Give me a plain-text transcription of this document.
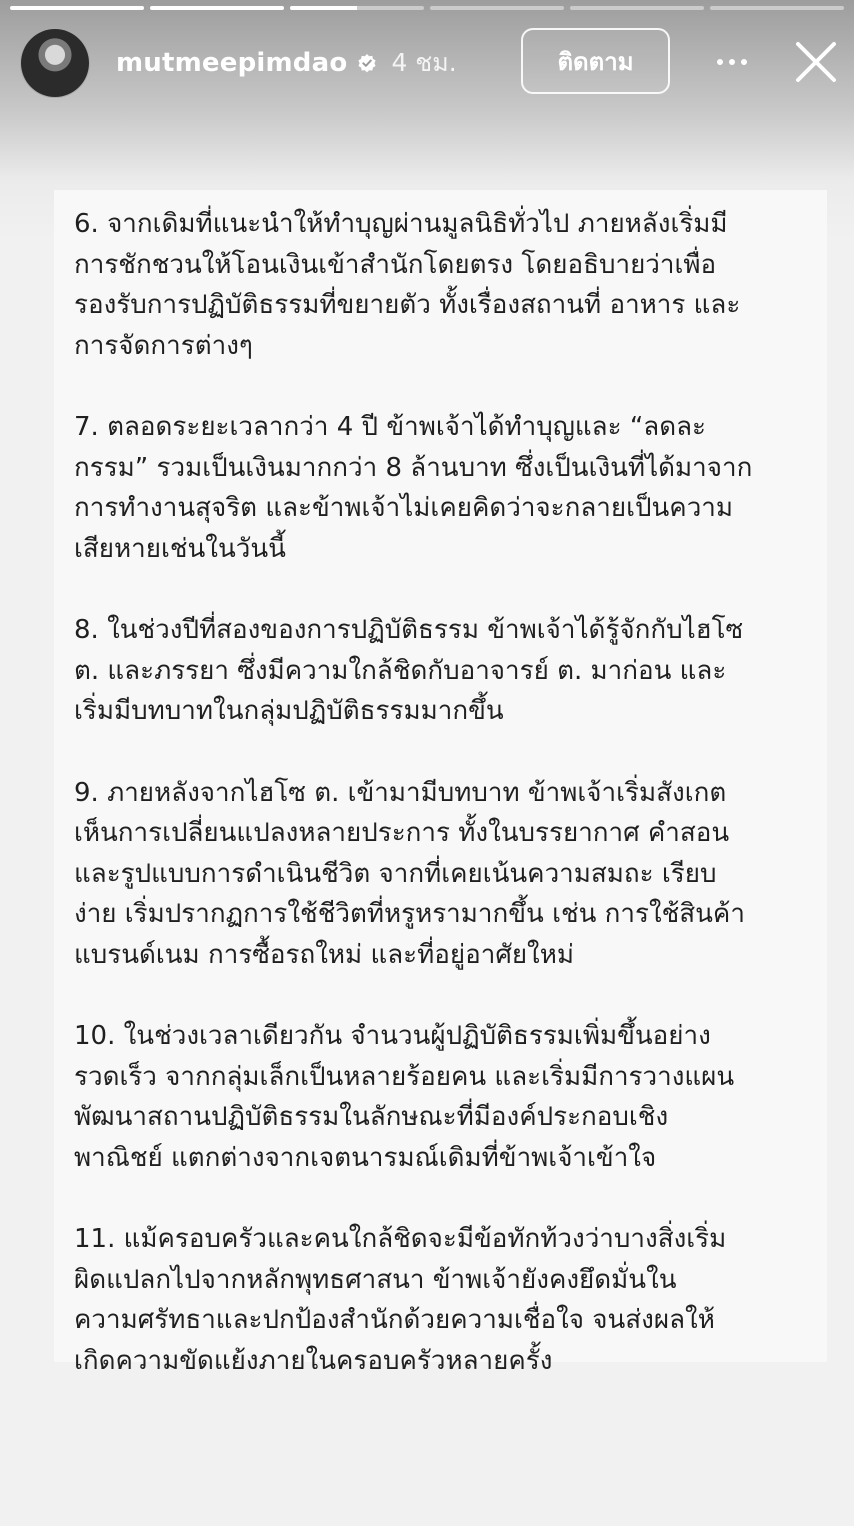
mutmeepimdao 4 ชม.	ติดตาม
6. จากเดิมที่แนะนำให้ทำบุญผ่านมูลนิธิทั่วไป ภายหลังเริ่มมี
การชักชวนให้โอนเงินเข้าสำนักโดยตรง โดยอธิบายว่าเพื่อ
รองรับการปฏิบัติธรรมที่ขยายตัว ทั้งเรื่องสถานที่ อาหาร และ
การจัดการต่างๆ
7. ตลอดระยะเวลากว่า 4 ปี ข้าพเจ้าได้ทำบุญและ “ลดละ
กรรม” รวมเป็นเงินมากกว่า 8 ล้านบาท ซึ่งเป็นเงินที่ได้มาจาก
การทำงานสุจริต และข้าพเจ้าไม่เคยคิดว่าจะกลายเป็นความ
เสียหายเช่นในวันนี้
8. ในช่วงปีที่สองของการปฏิบัติธรรม ข้าพเจ้าได้รู้จักกับไฮโซ
ต. และภรรยา ซึ่งมีความใกล้ชิดกับอาจารย์ ต. มาก่อน และ
เริ่มมีบทบาทในกลุ่มปฏิบัติธรรมมากขึ้น
9. ภายหลังจากไฮโซ ต. เข้ามามีบทบาท ข้าพเจ้าเริ่มสังเกต
เห็นการเปลี่ยนแปลงหลายประการ ทั้งในบรรยากาศ คำสอน
และรูปแบบการดำเนินชีวิต จากที่เคยเน้นความสมถะ เรียบ
ง่าย เริ่มปรากฏการใช้ชีวิตที่หรูหรามากขึ้น เช่น การใช้สินค้า
แบรนด์เนม การซื้อรถใหม่ และที่อยู่อาศัยใหม่
10. ในช่วงเวลาเดียวกัน จำนวนผู้ปฏิบัติธรรมเพิ่มขึ้นอย่าง
รวดเร็ว จากกลุ่มเล็กเป็นหลายร้อยคน และเริ่มมีการวางแผน
พัฒนาสถานปฏิบัติธรรมในลักษณะที่มีองค์ประกอบเชิง
พาณิชย์ แตกต่างจากเจตนารมณ์เดิมที่ข้าพเจ้าเข้าใจ
11. แม้ครอบครัวและคนใกล้ชิดจะมีข้อทักท้วงว่าบางสิ่งเริ่ม
ผิดแปลกไปจากหลักพุทธศาสนา ข้าพเจ้ายังคงยึดมั่นใน
ความศรัทธาและปกป้องสำนักด้วยความเชื่อใจ จนส่งผลให้
เกิดความขัดแย้งภายในครอบครัวหลายครั้ง
